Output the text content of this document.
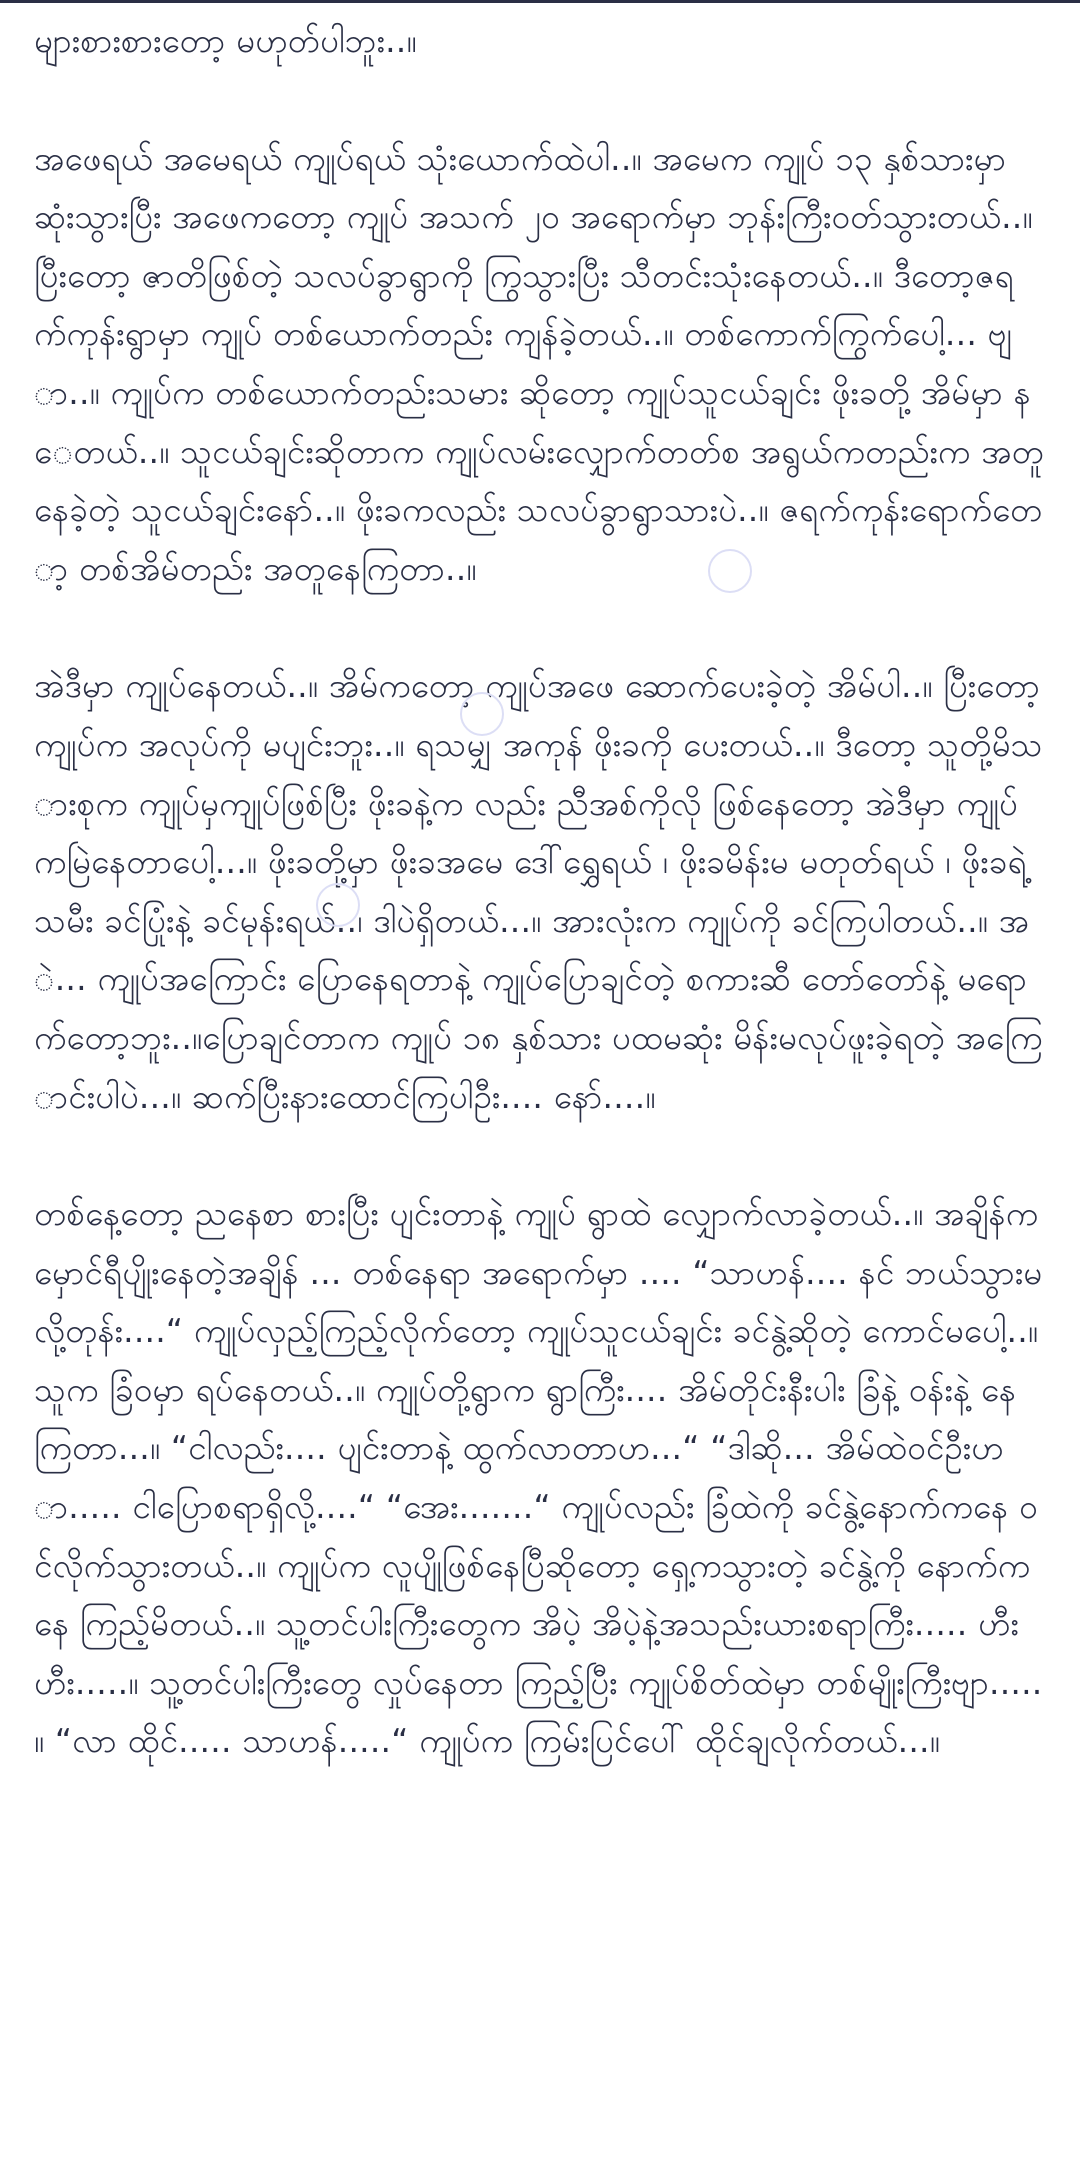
များစားစားတော့ မဟုတ်ပါဘူး..။

အဖေရယ် အမေရယ် ကျုပ်ရယ် သုံးယောက်ထဲပါ..။ အမေက ကျုပ် ၁၃ နှစ်သားမှာ ဆုံးသွားပြီး အဖေကတော့ ကျုပ် အသက် ၂၀ အရောက်မှာ ဘုန်းကြီးဝတ်သွားတယ်..။ ပြီးတော့ ဇာတိဖြစ်တဲ့ သလပ်ခွာရွာကို ကြွသွားပြီး သီတင်းသုံးနေတယ်..။ ဒီတော့ဇရက်ကုန်းရွာမှာ ကျုပ် တစ်ယောက်တည်း ကျန်ခဲ့တယ်..။ တစ်ကောက်ကြွက်ပေါ့... ဗျာ..။ ကျုပ်က တစ်ယောက်တည်းသမား ဆိုတော့ ကျုပ်သူငယ်ချင်း ဖိုးခတို့ အိမ်မှာ နေတယ်..။ သူငယ်ချင်းဆိုတာက ကျုပ်လမ်းလျှောက်တတ်စ အရွယ်ကတည်းက အတူနေခဲ့တဲ့ သူငယ်ချင်းနော်..။ ဖိုးခကလည်း သလပ်ခွာရွာသားပဲ..။ ဇရက်ကုန်းရောက်တော့ တစ်အိမ်တည်း အတူနေကြတာ..။

အဲဒီမှာ ကျုပ်နေတယ်..။ အိမ်ကတော့ ကျုပ်အဖေ ဆောက်ပေးခဲ့တဲ့ အိမ်ပါ..။ ပြီးတော့ ကျုပ်က အလုပ်ကို မပျင်းဘူး..။ ရသမျှ အကုန် ဖိုးခကို ပေးတယ်..။ ဒီတော့ သူတို့မိသားစုက ကျုပ်မှကျုပ်ဖြစ်ပြီး ဖိုးခနဲ့က လည်း ညီအစ်ကိုလို ဖြစ်နေတော့ အဲဒီမှာ ကျုပ်ကမြဲနေတာပေါ့...။ ဖိုးခတို့မှာ ဖိုးခအမေ ဒေါ်ရွှေရယ် ၊ ဖိုးခမိန်းမ မတုတ်ရယ် ၊ ဖိုးခရဲ့သမီး ခင်ပြုံးနဲ့ ခင်မုန်းရယ်..၊ ဒါပဲရှိတယ်...။ အားလုံးက ကျုပ်ကို ခင်ကြပါတယ်..။ အဲ... ကျုပ်အကြောင်း ပြောနေရတာနဲ့ ကျုပ်ပြောချင်တဲ့ စကားဆီ တော်တော်နဲ့ မရောက်တော့ဘူး..။ပြောချင်တာက ကျုပ် ၁၈ နှစ်သား ပထမဆုံး မိန်းမလုပ်ဖူးခဲ့ရတဲ့ အကြောင်းပါပဲ...။ ဆက်ပြီးနားထောင်ကြပါဦး.... နော်....။

တစ်နေ့တော့ ညနေစာ စားပြီး ပျင်းတာနဲ့ ကျုပ် ရွာထဲ လျှောက်လာခဲ့တယ်..။ အချိန်က မှောင်ရီပျိုးနေတဲ့အချိန် ... တစ်နေရာ အရောက်မှာ .... “သာဟန်.... နင် ဘယ်သွားမလို့တုန်း....“ ကျုပ်လှည့်ကြည့်လိုက်တော့ ကျုပ်သူငယ်ချင်း ခင်နွဲ့ဆိုတဲ့ ကောင်မပေါ့..။ သူက ခြံဝမှာ ရပ်နေတယ်..။ ကျုပ်တို့ရွာက ရွာကြီး.... အိမ်တိုင်းနီးပါး ခြံနဲ့ ဝန်းနဲ့ နေကြတာ...။ “ငါလည်း.... ပျင်းတာနဲ့ ထွက်လာတာဟ...“ “ဒါဆို... အိမ်ထဲဝင်ဦးဟာ..... ငါပြောစရာရှိလို့....“ “အေး.......“ ကျုပ်လည်း ခြံထဲကို ခင်နွဲ့နောက်ကနေ ဝင်လိုက်သွားတယ်..။ ကျုပ်က လူပျိုဖြစ်နေပြီဆိုတော့ ရှေ့ကသွားတဲ့ ခင်နွဲ့ကို နောက်ကနေ ကြည့်မိတယ်..။ သူ့တင်ပါးကြီးတွေက အိပဲ့ အိပဲ့နဲ့အသည်းယားစရာကြီး..... ဟီး ဟီး.....။ သူ့တင်ပါးကြီးတွေ လှုပ်နေတာ ကြည့်ပြီး ကျုပ်စိတ်ထဲမှာ တစ်မျိုးကြီးဗျာ.....။ “လာ ထိုင်..... သာဟန်.....“ ကျုပ်က ကြမ်းပြင်ပေါ် ထိုင်ချလိုက်တယ်...။
